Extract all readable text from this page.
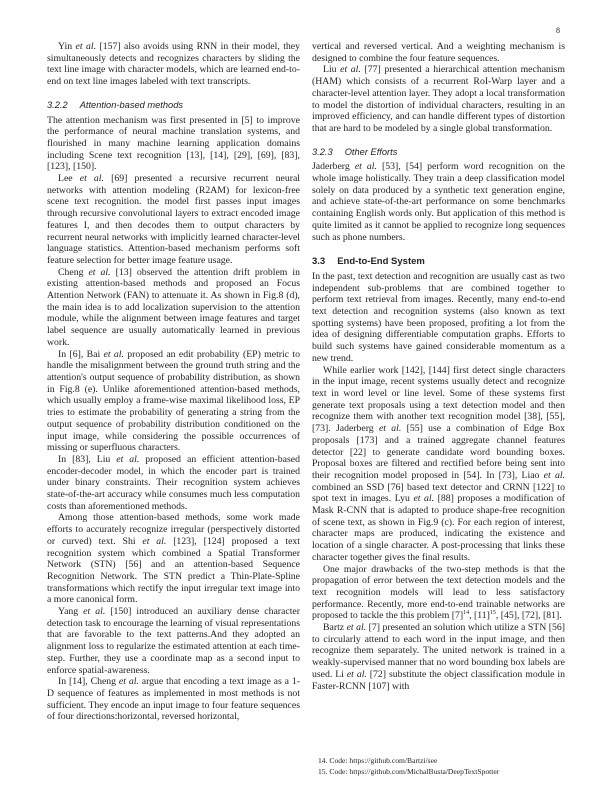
8

Yin et al. [157] also avoids using RNN in their model, they simultaneously detects and recognizes characters by sliding the text line image with character models, which are learned end-to-end on text line images labeled with text transcripts.

3.2.2 Attention-based methods

The attention mechanism was first presented in [5] to improve the performance of neural machine translation systems, and flourished in many machine learning application domains including Scene text recognition [13], [14], [29], [69], [83], [123], [150].

Lee et al. [69] presented a recursive recurrent neural networks with attention modeling (R2AM) for lexicon-free scene text recognition. the model first passes input images through recursive convolutional layers to extract encoded image features I, and then decodes them to output characters by recurrent neural networks with implicitly learned character-level language statistics. Attention-based mechanism performs soft feature selection for better image feature usage.

Cheng et al. [13] observed the attention drift problem in existing attention-based methods and proposed an Focus Attention Network (FAN) to attenuate it. As shown in Fig.8 (d), the main idea is to add localization supervision to the attention module, while the alignment between image features and target label sequence are usually automatically learned in previous work.

In [6], Bai et al. proposed an edit probability (EP) metric to handle the misalignment between the ground truth string and the attention's output sequence of probability distribution, as shown in Fig.8 (e). Unlike aforementioned attention-based methods, which usually employ a frame-wise maximal likelihood loss, EP tries to estimate the probability of generating a string from the output sequence of probability distribution conditioned on the input image, while considering the possible occurrences of missing or superfluous characters.

In [83], Liu et al. proposed an efficient attention-based encoder-decoder model, in which the encoder part is trained under binary constraints. Their recognition system achieves state-of-the-art accuracy while consumes much less computation costs than aforementioned methods.

Among those attention-based methods, some work made efforts to accurately recognize irregular (perspectively distorted or curved) text. Shi et al. [123], [124] proposed a text recognition system which combined a Spatial Transformer Network (STN) [56] and an attention-based Sequence Recognition Network. The STN predict a Thin-Plate-Spline transformations which rectify the input irregular text image into a more canonical form.

Yang et al. [150] introduced an auxiliary dense character detection task to encourage the learning of visual representations that are favorable to the text patterns.And they adopted an alignment loss to regularize the estimated attention at each time-step. Further, they use a coordinate map as a second input to enforce spatial-awareness.

In [14], Cheng et al. argue that encoding a text image as a 1-D sequence of features as implemented in most methods is not sufficient. They encode an input image to four feature sequences of four directions:horizontal, reversed horizontal,

vertical and reversed vertical. And a weighting mechanism is designed to combine the four feature sequences.

Liu et al. [77] presented a hierarchical attention mechanism (HAM) which consists of a recurrent RoI-Warp layer and a character-level attention layer. They adopt a local transformation to model the distortion of individual characters, resulting in an improved efficiency, and can handle different types of distortion that are hard to be modeled by a single global transformation.

3.2.3 Other Efforts

Jaderberg et al. [53], [54] perform word recognition on the whole image holistically. They train a deep classification model solely on data produced by a synthetic text generation engine, and achieve state-of-the-art performance on some benchmarks containing English words only. But application of this method is quite limited as it cannot be applied to recognize long sequences such as phone numbers.

3.3 End-to-End System

In the past, text detection and recognition are usually cast as two independent sub-problems that are combined together to perform text retrieval from images. Recently, many end-to-end text detection and recognition systems (also known as text spotting systems) have been proposed, profiting a lot from the idea of designing differentiable computation graphs. Efforts to build such systems have gained considerable momentum as a new trend.

While earlier work [142], [144] first detect single characters in the input image, recent systems usually detect and recognize text in word level or line level. Some of these systems first generate text proposals using a text detection model and then recognize them with another text recognition model [38], [55], [73]. Jaderberg et al. [55] use a combination of Edge Box proposals [173] and a trained aggregate channel features detector [22] to generate candidate word bounding boxes. Proposal boxes are filtered and rectified before being sent into their recognition model proposed in [54]. In [73], Liao et al. combined an SSD [76] based text detector and CRNN [122] to spot text in images. Lyu et al. [88] proposes a modification of Mask R-CNN that is adapted to produce shape-free recognition of scene text, as shown in Fig.9 (c). For each region of interest, character maps are produced, indicating the existence and location of a single character. A post-processing that links these character together gives the final results.

One major drawbacks of the two-step methods is that the propagation of error between the text detection models and the text recognition models will lead to less satisfactory performance. Recently, more end-to-end trainable networks are proposed to tackle the this problem $[7]^{14}$, $[11]^{15}$, [45], [72], [81].

Bartz et al. [7] presented an solution which utilize a STN [56] to circularly attend to each word in the input image, and then recognize them separately. The united network is trained in a weakly-supervised manner that no word bounding box labels are used. Li et al. [72] substitute the object classification module in Faster-RCNN [107] with

14. Code: https://github.com/Bartzi/see
15. Code: https://github.com/MichalBusta/DeepTextSpotter
